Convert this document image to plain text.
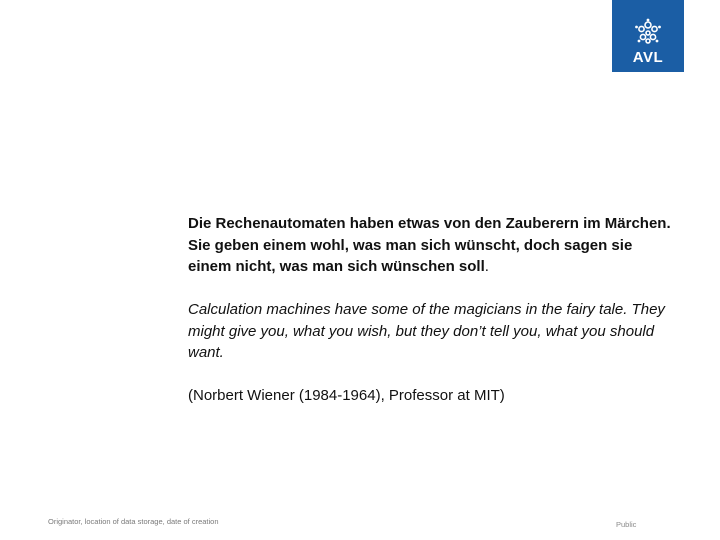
AVL

Die Rechenautomaten haben etwas von den Zauberern im Märchen.

Sie geben einem wohl, was man sich wünscht, doch sagen sie einem nicht, was man sich wünschen soll.

Calculation machines have some of the magicians in the fairy tale. They might give you, what you wish, but they don’t tell you, what you should want.

(Norbert Wiener (1984-1964), Professor at MIT)

Originator, location of data storage, date of creation	Public
